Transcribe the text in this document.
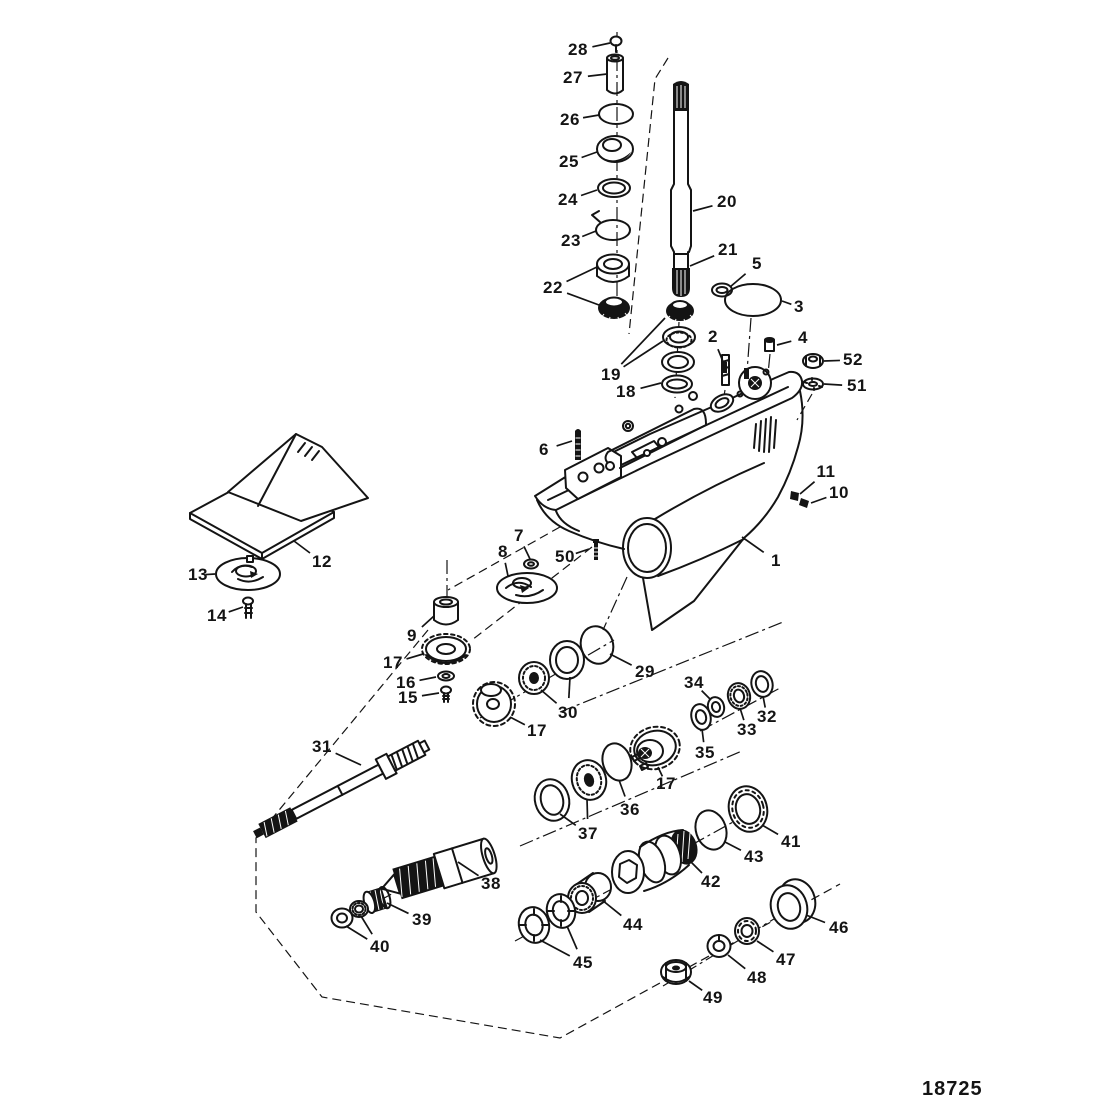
1
2
3
4
5
6
7
8
9
10
11
12
13
14
15
16
17
17
17
18
19
20
21
22
23
24
25
26
27
28
29
30
31
32
33
34
35
36
37
38
39
40
41
42
43
44
45
46
47
48
49
50
51
52
18725
